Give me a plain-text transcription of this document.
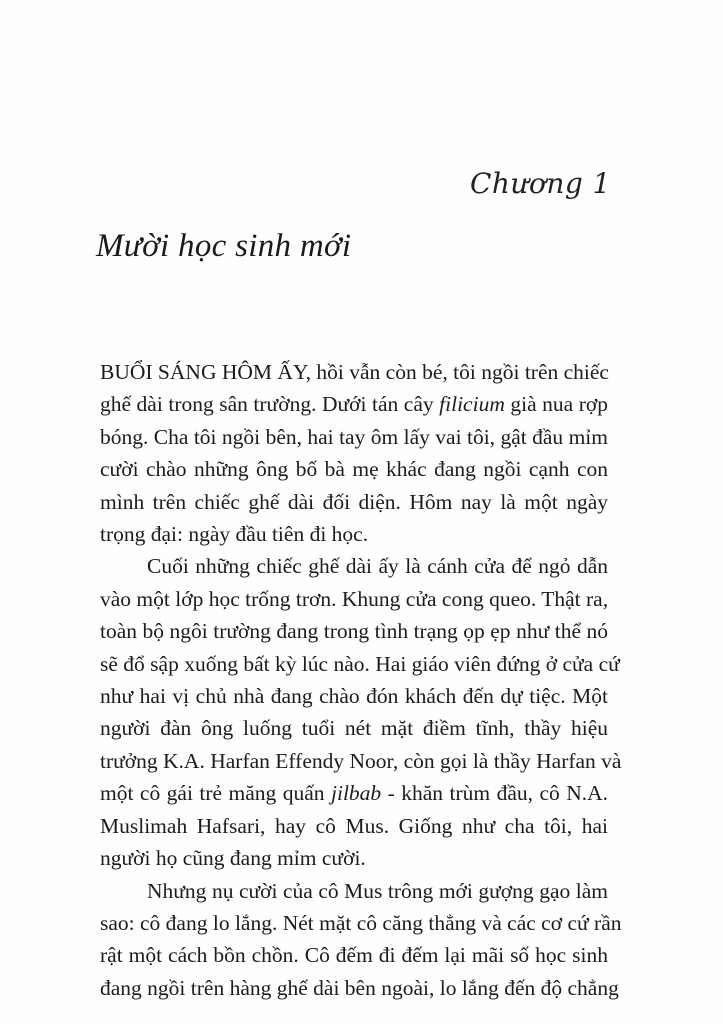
Chương 1
Mười học sinh mới
BUỔI SÁNG HÔM ẤY, hồi vẫn còn bé, tôi ngồi trên chiếc
ghế dài trong sân trường. Dưới tán cây filicium già nua rợp
bóng. Cha tôi ngồi bên, hai tay ôm lấy vai tôi, gật đầu mỉm
cười chào những ông bố bà mẹ khác đang ngồi cạnh con
mình trên chiếc ghế dài đối diện. Hôm nay là một ngày
trọng đại: ngày đầu tiên đi học.
Cuối những chiếc ghế dài ấy là cánh cửa để ngỏ dẫn
vào một lớp học trống trơn. Khung cửa cong queo. Thật ra,
toàn bộ ngôi trường đang trong tình trạng ọp ẹp như thể nó
sẽ đổ sập xuống bất kỳ lúc nào. Hai giáo viên đứng ở cửa cứ
như hai vị chủ nhà đang chào đón khách đến dự tiệc. Một
người đàn ông luống tuổi nét mặt điềm tĩnh, thầy hiệu
trưởng K.A. Harfan Effendy Noor, còn gọi là thầy Harfan và
một cô gái trẻ măng quấn jilbab - khăn trùm đầu, cô N.A.
Muslimah Hafsari, hay cô Mus. Giống như cha tôi, hai
người họ cũng đang mỉm cười.
Nhưng nụ cười của cô Mus trông mới gượng gạo làm
sao: cô đang lo lắng. Nét mặt cô căng thẳng và các cơ cứ rần
rật một cách bồn chồn. Cô đếm đi đếm lại mãi số học sinh
đang ngồi trên hàng ghế dài bên ngoài, lo lắng đến độ chẳng
